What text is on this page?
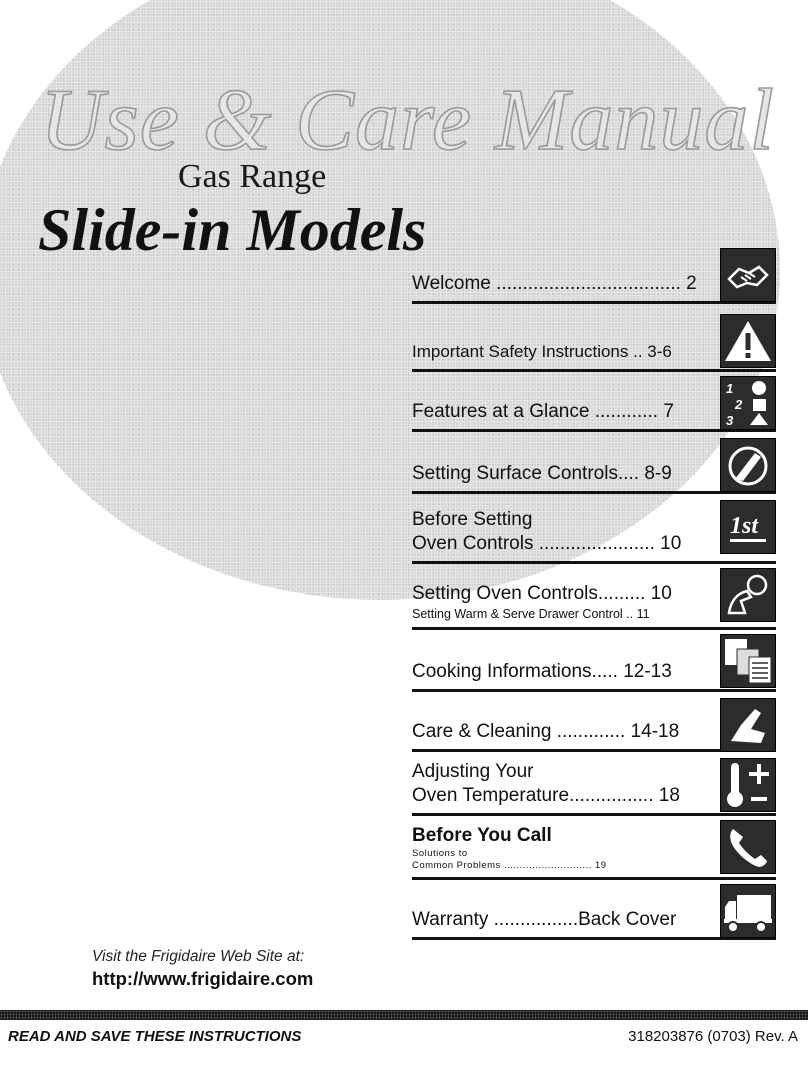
Use & Care Manual
Gas Range
Slide-in Models
Welcome ................................... 2
Important Safety Instructions .. 3-6
Features at a Glance ............ 7
1
2
3
Setting Surface Controls.... 8-9
Before Setting
Oven Controls ...................... 10
1st
Setting Oven Controls......... 10
Setting Warm & Serve Drawer Control .. 11
Cooking Informations..... 12-13
Care & Cleaning ............. 14-18
Adjusting Your
Oven Temperature................ 18
Before You Call
Solutions to
Common Problems ............................ 19
Warranty ................Back Cover
Visit the Frigidaire Web Site at:
http://www.frigidaire.com
READ AND SAVE THESE INSTRUCTIONS	318203876 (0703) Rev. A
